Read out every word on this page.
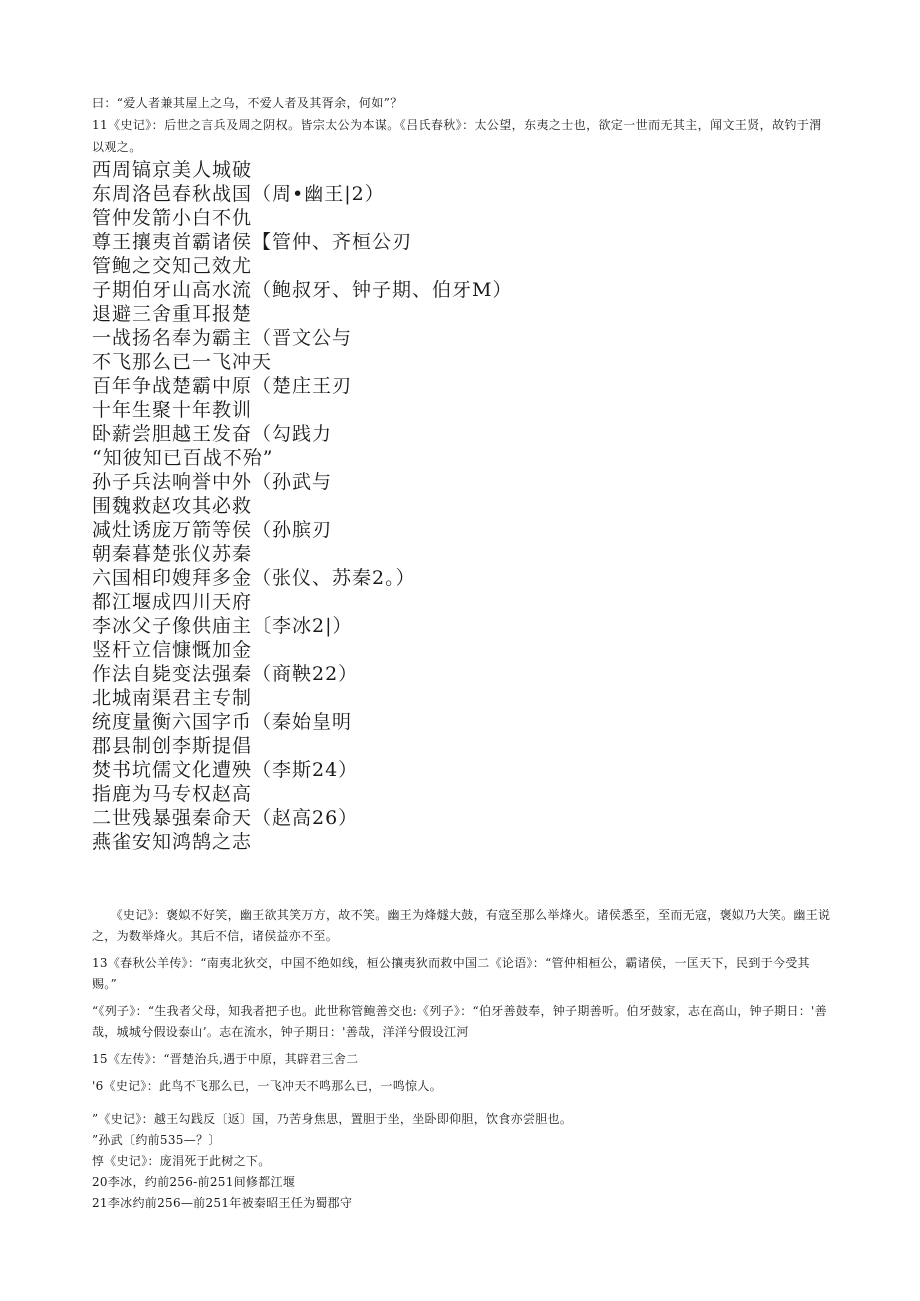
曰：“爱人者兼其屋上之乌，不爱人者及其胥余，何如”？
11《史记》：后世之言兵及周之阴权。皆宗太公为本谋。《吕氏春秋》：太公望，东夷之士也，欲定一世而无其主，闻文王贤，故钓于渭以观之。
西周镐京美人城破
东周洛邑春秋战国（周•幽王|2）
管仲发箭小白不仇
尊王攘夷首霸诸侯【管仲、齐桓公刃
管鲍之交知己效尤
子期伯牙山高水流（鲍叔牙、钟子期、伯牙M）
退避三舍重耳报楚
一战扬名奉为霸主（晋文公与
不飞那么已一飞冲天
百年争战楚霸中原（楚庄王刃
十年生聚十年教训
卧薪尝胆越王发奋（勾践力
“知彼知已百战不殆”
孙子兵法响誉中外（孙武与
围魏救赵攻其必救
减灶诱庞万箭等侯（孙膑刃
朝秦暮楚张仪苏秦
六国相印嫂拜多金（张仪、苏秦2。）
都江堰成四川天府
李冰父子像供庙主〔李冰2|）
竖杆立信慷慨加金
作法自毙变法强秦（商鞅22）
北城南渠君主专制
统度量衡六国字币（秦始皇明
郡县制创李斯提倡
焚书坑儒文化遭殃（李斯24）
指鹿为马专权赵高
二世残暴强秦命天（赵高26）
燕雀安知鸿鹄之志
　　《史记》：褒姒不好笑，幽王欲其笑万方，故不笑。幽王为烽燧大鼓，有寇至那么举烽火。诸侯悉至，至而无寇，褒姒乃大笑。幽王说之，为数举烽火。其后不信，诸侯益亦不至。
13《春秋公羊传》：“南夷北狄交，中国不绝如线，桓公攘夷狄而救中国二《论语》：“管仲相桓公，霸诸侯，一匡天下，民到于今受其赐。”
“《列子》：“生我者父母，知我者把子也。此世称管鲍善交也:《列子》：“伯牙善鼓奉，钟子期善听。伯牙鼓家，志在高山，钟子期日：'善哉，城城兮假设泰山’。志在流水，钟子期日：'善哉，洋洋兮假设江河
15《左传》：“晋楚治兵,遇于中原，其辟君三舍二
'6《史记》：此鸟不飞那么已，一飞冲天不鸣那么已，一鸣惊人。
”《史记》：越王勾践反〔返〕国，乃苦身焦思，置胆于坐，坐卧即仰胆，饮食亦尝胆也。
”孙武〔约前535—？〕
惇《史记》：庞涓死于此树之下。
20李冰，约前256-前251间修都江堰
21李冰约前256—前251年被秦昭王任为蜀郡守
